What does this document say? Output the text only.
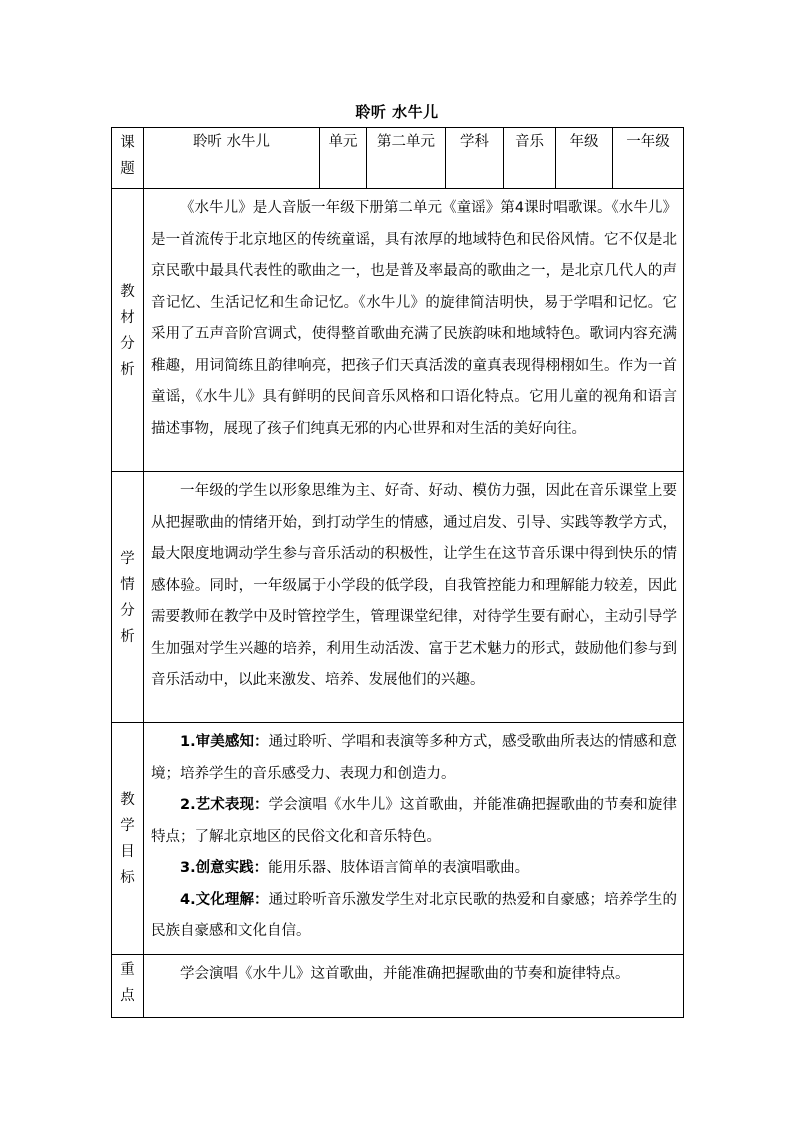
聆听 水牛儿
课题	聆听 水牛儿	单元	第二单元	学科	音乐	年级	一年级

教材分析	《水牛儿》是人音版一年级下册第二单元《童谣》第4课时唱歌课。《水牛儿》是一首流传于北京地区的传统童谣，具有浓厚的地域特色和民俗风情。它不仅是北京民歌中最具代表性的歌曲之一，也是普及率最高的歌曲之一，是北京几代人的声音记忆、生活记忆和生命记忆。《水牛儿》的旋律简洁明快，易于学唱和记忆。它采用了五声音阶宫调式，使得整首歌曲充满了民族韵味和地域特色。歌词内容充满稚趣，用词简练且韵律响亮，把孩子们天真活泼的童真表现得栩栩如生。作为一首童谣，《水牛儿》具有鲜明的民间音乐风格和口语化特点。它用儿童的视角和语言描述事物，展现了孩子们纯真无邪的内心世界和对生活的美好向往。						

学情分析	一年级的学生以形象思维为主、好奇、好动、模仿力强，因此在音乐课堂上要从把握歌曲的情绪开始，到打动学生的情感，通过启发、引导、实践等教学方式，最大限度地调动学生参与音乐活动的积极性，让学生在这节音乐课中得到快乐的情感体验。同时，一年级属于小学段的低学段，自我管控能力和理解能力较差，因此需要教师在教学中及时管控学生，管理课堂纪律，对待学生要有耐心，主动引导学生加强对学生兴趣的培养，利用生动活泼、富于艺术魅力的形式，鼓励他们参与到音乐活动中，以此来激发、培养、发展他们的兴趣。						

教学目标	1.审美感知：通过聆听、学唱和表演等多种方式，感受歌曲所表达的情感和意境；培养学生的音乐感受力、表现力和创造力。

2.艺术表现：学会演唱《水牛儿》这首歌曲，并能准确把握歌曲的节奏和旋律特点；了解北京地区的民俗文化和音乐特色。

3.创意实践：能用乐器、肢体语言简单的表演唱歌曲。

4.文化理解：通过聆听音乐激发学生对北京民歌的热爱和自豪感；培养学生的民族自豪感和文化自信。						

重点	学会演唱《水牛儿》这首歌曲，并能准确把握歌曲的节奏和旋律特点。						
